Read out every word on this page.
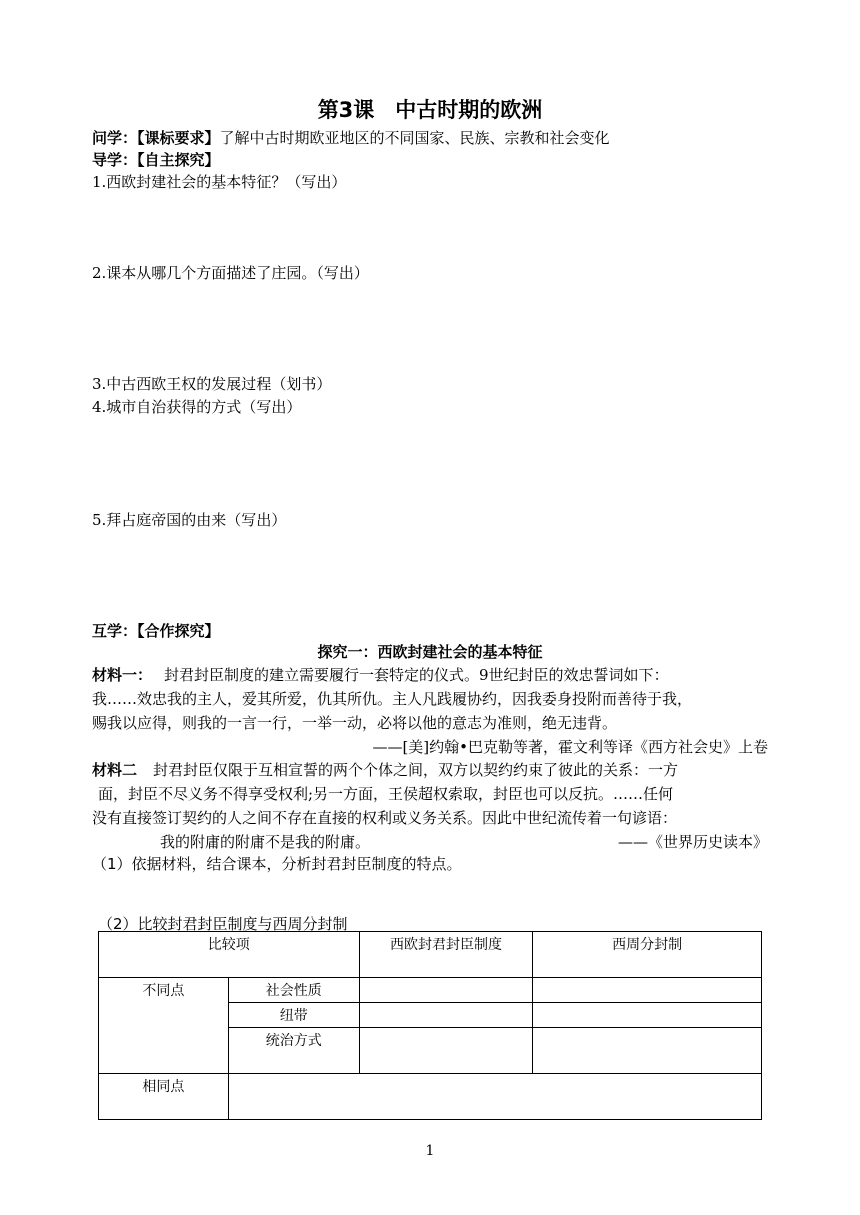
第3课　中古时期的欧洲
问学：【课标要求】了解中古时期欧亚地区的不同国家、民族、宗教和社会变化
导学：【自主探究】
1.西欧封建社会的基本特征？（写出）
2.课本从哪几个方面描述了庄园。（写出）
3.中古西欧王权的发展过程（划书）
4.城市自治获得的方式（写出）
5.拜占庭帝国的由来（写出）
互学：【合作探究】
探究一：西欧封建社会的基本特征
材料一： 封君封臣制度的建立需要履行一套特定的仪式。9世纪封臣的效忠誓词如下：
我……效忠我的主人，爱其所爱，仇其所仇。主人凡践履协约，因我委身投附而善待于我，
赐我以应得，则我的一言一行，一举一动，必将以他的意志为准则，绝无违背。
——[美]约翰•巴克勒等著，霍文利等译《西方社会史》上卷
材料二 封君封臣仅限于互相宣誓的两个个体之间，双方以契约约束了彼此的关系：一方
面，封臣不尽义务不得享受权利;另一方面，王侯超权索取，封臣也可以反抗。……任何
没有直接签订契约的人之间不存在直接的权利或义务关系。因此中世纪流传着一句谚语：
我的附庸的附庸不是我的附庸。	——《世界历史读本》
（1）依据材料，结合课本，分析封君封臣制度的特点。
（2）比较封君封臣制度与西周分封制
比较项		西欧封君封臣制度	西周分封制
不同点	社会性质		
	纽带		
	统治方式		
相同点			
1
